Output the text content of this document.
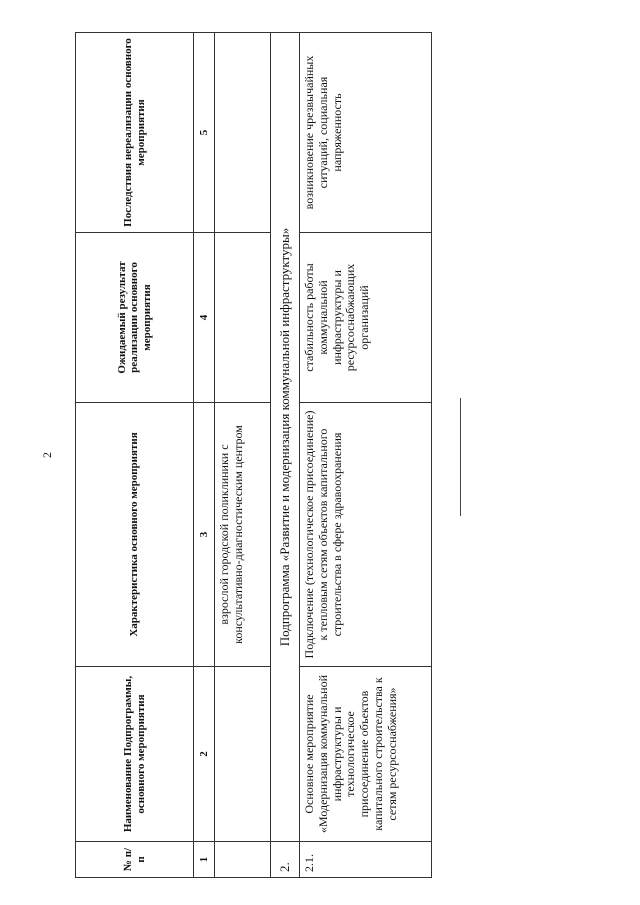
2
№ п/п	Наименование Подпрограммы, основного мероприятия	Характеристика основного мероприятия	Ожидаемый результат реализации основного мероприятия	Последствия нереализации основного мероприятия
1	2	3	4	5
		взрослой городской поликлиники с консультативно-диагностическим центром		
2.	Подпрограмма «Развитие и модернизация коммунальной инфраструктуры»			
2.1.	Основное мероприятие «Модернизация коммунальной инфраструктуры и технологическое присоединение объектов капитального строительства к сетям ресурсоснабжения»	Подключение (технологическое присоединение) к тепловым сетям объектов капитального строительства в сфере здравоохранения	стабильность работы коммунальной инфраструктуры и ресурсоснабжающих организаций	возникновение чрезвычайных ситуаций, социальная напряженность
